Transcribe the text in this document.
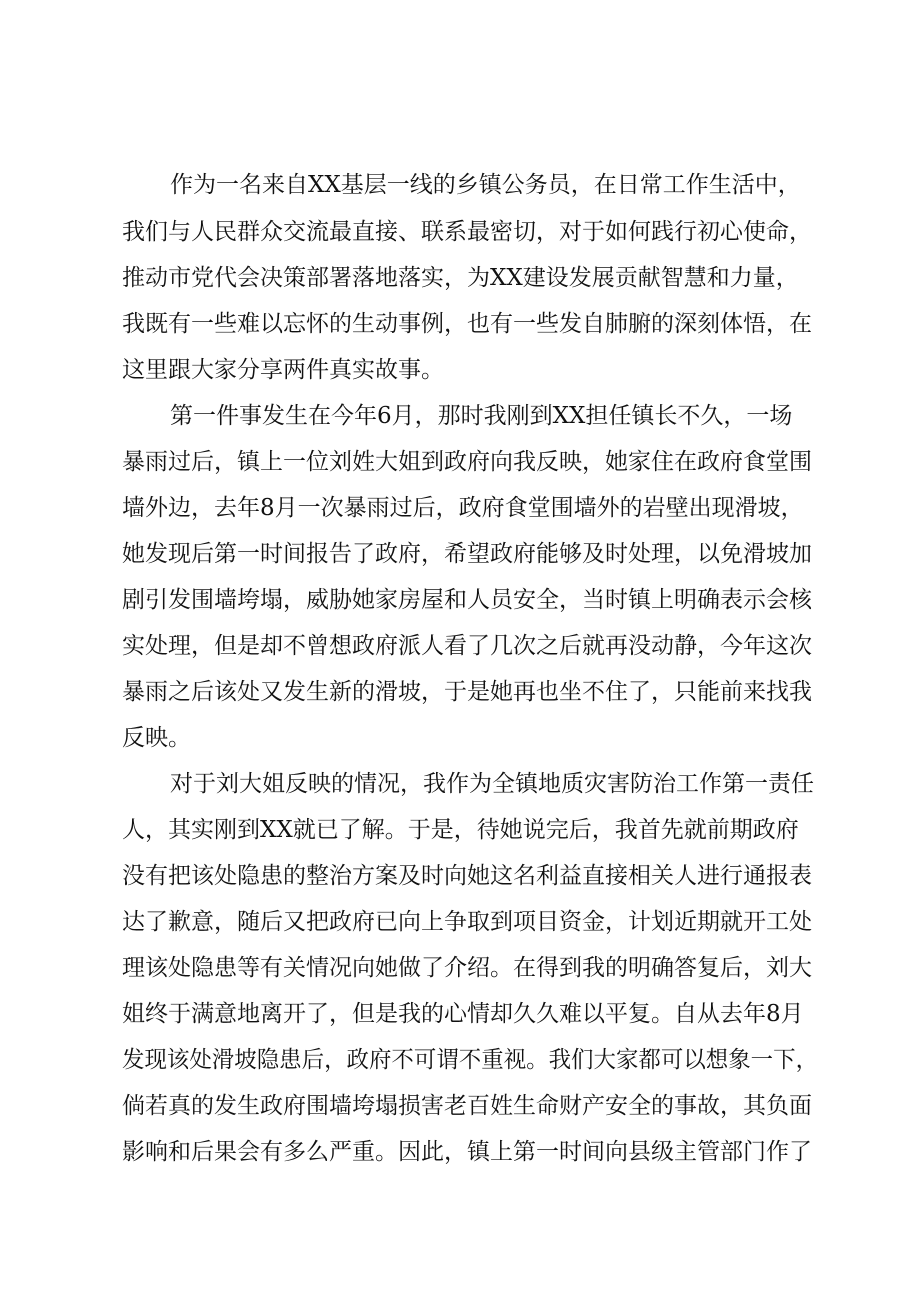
作为一名来自XX基层一线的乡镇公务员，在日常工作生活中，
我们与人民群众交流最直接、联系最密切，对于如何践行初心使命，
推动市党代会决策部署落地落实，为XX建设发展贡献智慧和力量，
我既有一些难以忘怀的生动事例，也有一些发自肺腑的深刻体悟，在
这里跟大家分享两件真实故事。
第一件事发生在今年6月，那时我刚到XX担任镇长不久，一场
暴雨过后，镇上一位刘姓大姐到政府向我反映，她家住在政府食堂围
墙外边，去年8月一次暴雨过后，政府食堂围墙外的岩壁出现滑坡，
她发现后第一时间报告了政府，希望政府能够及时处理，以免滑坡加
剧引发围墙垮塌，威胁她家房屋和人员安全，当时镇上明确表示会核
实处理，但是却不曾想政府派人看了几次之后就再没动静，今年这次
暴雨之后该处又发生新的滑坡，于是她再也坐不住了，只能前来找我
反映。
对于刘大姐反映的情况，我作为全镇地质灾害防治工作第一责任
人，其实刚到XX就已了解。于是，待她说完后，我首先就前期政府
没有把该处隐患的整治方案及时向她这名利益直接相关人进行通报表
达了歉意，随后又把政府已向上争取到项目资金，计划近期就开工处
理该处隐患等有关情况向她做了介绍。在得到我的明确答复后，刘大
姐终于满意地离开了，但是我的心情却久久难以平复。自从去年8月
发现该处滑坡隐患后，政府不可谓不重视。我们大家都可以想象一下，
倘若真的发生政府围墙垮塌损害老百姓生命财产安全的事故，其负面
影响和后果会有多么严重。因此，镇上第一时间向县级主管部门作了
